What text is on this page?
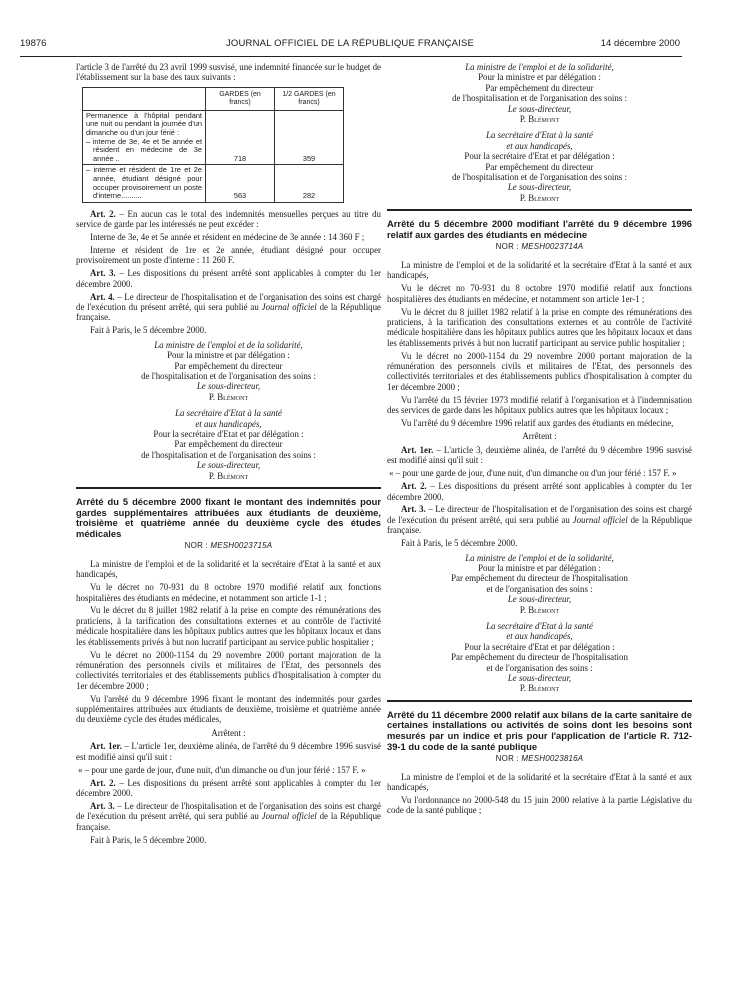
19876	JOURNAL OFFICIEL DE LA RÉPUBLIQUE FRANÇAISE	14 décembre 2000

l'article 3 de l'arrêté du 23 avril 1999 susvisé, une indemnité financée sur le budget de l'établissement sur la base des taux suivants :

	GARDES (en francs)	1/2 GARDES (en francs)
Permanence à l'hôpital pendant une nuit ou pendant la journée d'un dimanche ou d'un jour férié :
– interne de 3e, 4e et 5e année et résident en médecine de 3e année ..	718	359

– interne et résident de 1re et 2e année, étudiant désigné pour occuper provisoirement un poste d'interne..........	563	282

Art. 2. – En aucun cas le total des indemnités mensuelles perçues au titre du service de garde par les intéressés ne peut excéder :

Interne de 3e, 4e et 5e année et résident en médecine de 3e année : 14 360 F ;

Interne et résident de 1re et 2e année, étudiant désigné pour occuper provisoirement un poste d'interne : 11 260 F.

Art. 3. – Les dispositions du présent arrêté sont applicables à compter du 1er décembre 2000.

Art. 4. – Le directeur de l'hospitalisation et de l'organisation des soins est chargé de l'exécution du présent arrêté, qui sera publié au Journal officiel de la République française.

Fait à Paris, le 5 décembre 2000.

La ministre de l'emploi et de la solidarité,

Pour la ministre et par délégation :

Par empêchement du directeur

de l'hospitalisation et de l'organisation des soins :

Le sous-directeur,

P. Blémont

La secrétaire d'Etat à la santé

et aux handicapés,

Pour la secrétaire d'Etat et par délégation :

Par empêchement du directeur

de l'hospitalisation et de l'organisation des soins :

Le sous-directeur,

P. Blémont

Arrêté du 5 décembre 2000 fixant le montant des indemnités pour gardes supplémentaires attribuées aux étudiants de deuxième, troisième et quatrième année du deuxième cycle des études médicales

NOR : MESH0023715A

La ministre de l'emploi et de la solidarité et la secrétaire d'Etat à la santé et aux handicapés,

Vu le décret no 70-931 du 8 octobre 1970 modifié relatif aux fonctions hospitalières des étudiants en médecine, et notamment son article 1-1 ;

Vu le décret du 8 juillet 1982 relatif à la prise en compte des rémunérations des praticiens, à la tarification des consultations externes et au contrôle de l'activité médicale hospitalière dans les hôpitaux publics autres que les hôpitaux locaux et dans les établissements privés à but non lucratif participant au service public hospitalier ;

Vu le décret no 2000-1154 du 29 novembre 2000 portant majoration de la rémunération des personnels civils et militaires de l'Etat, des personnels des collectivités territoriales et des établissements publics d'hospitalisation à compter du 1er décembre 2000 ;

Vu l'arrêté du 9 décembre 1996 fixant le montant des indemnités pour gardes supplémentaires attribuées aux étudiants de deuxième, troisième et quatrième année du deuxième cycle des études médicales,

Arrêtent :

Art. 1er. – L'article 1er, deuxième alinéa, de l'arrêté du 9 décembre 1996 susvisé est modifié ainsi qu'il suit :

« – pour une garde de jour, d'une nuit, d'un dimanche ou d'un jour férié : 157 F. »

Art. 2. – Les dispositions du présent arrêté sont applicables à compter du 1er décembre 2000.

Art. 3. – Le directeur de l'hospitalisation et de l'organisation des soins est chargé de l'exécution du présent arrêté, qui sera publié au Journal officiel de la République française.

Fait à Paris, le 5 décembre 2000.

La ministre de l'emploi et de la solidarité,

Pour la ministre et par délégation :

Par empêchement du directeur

de l'hospitalisation et de l'organisation des soins :

Le sous-directeur,

P. Blémont

La secrétaire d'Etat à la santé

et aux handicapés,

Pour la secrétaire d'Etat et par délégation :

Par empêchement du directeur

de l'hospitalisation et de l'organisation des soins :

Le sous-directeur,

P. Blémont

Arrêté du 5 décembre 2000 modifiant l'arrêté du 9 décembre 1996 relatif aux gardes des étudiants en médecine

NOR : MESH0023714A

La ministre de l'emploi et de la solidarité et la secrétaire d'Etat à la santé et aux handicapés,

Vu le décret no 70-931 du 8 octobre 1970 modifié relatif aux fonctions hospitalières des étudiants en médecine, et notamment son article 1er-1 ;

Vu le décret du 8 juillet 1982 relatif à la prise en compte des rémunérations des praticiens, à la tarification des consultations externes et au contrôle de l'activité médicale hospitalière dans les hôpitaux publics autres que les hôpitaux locaux et dans les établissements privés à but non lucratif participant au service public hospitalier ;

Vu le décret no 2000-1154 du 29 novembre 2000 portant majoration de la rémunération des personnels civils et militaires de l'Etat, des personnels des collectivités territoriales et des établissements publics d'hospitalisation à compter du 1er décembre 2000 ;

Vu l'arrêté du 15 février 1973 modifié relatif à l'organisation et à l'indemnisation des services de garde dans les hôpitaux publics autres que les hôpitaux locaux ;

Vu l'arrêté du 9 décembre 1996 relatif aux gardes des étudiants en médecine,

Arrêtent :

Art. 1er. – L'article 3, deuxième alinéa, de l'arrêté du 9 décembre 1996 susvisé est modifié ainsi qu'il suit :

« – pour une garde de jour, d'une nuit, d'un dimanche ou d'un jour férié : 157 F. »

Art. 2. – Les dispositions du présent arrêté sont applicables à compter du 1er décembre 2000.

Art. 3. – Le directeur de l'hospitalisation et de l'organisation des soins est chargé de l'exécution du présent arrêté, qui sera publié au Journal officiel de la République française.

Fait à Paris, le 5 décembre 2000.

La ministre de l'emploi et de la solidarité,

Pour la ministre et par délégation :

Par empêchement du directeur de l'hospitalisation

et de l'organisation des soins :

Le sous-directeur,

P. Blémont

La secrétaire d'Etat à la santé

et aux handicapés,

Pour la secrétaire d'Etat et par délégation :

Par empêchement du directeur de l'hospitalisation

et de l'organisation des soins :

Le sous-directeur,

P. Blémont

Arrêté du 11 décembre 2000 relatif aux bilans de la carte sanitaire de certaines installations ou activités de soins dont les besoins sont mesurés par un indice et pris pour l'application de l'article R. 712-39-1 du code de la santé publique

NOR : MESH0023816A

La ministre de l'emploi et de la solidarité et la secrétaire d'Etat à la santé et aux handicapés,

Vu l'ordonnance no 2000-548 du 15 juin 2000 relative à la partie Législative du code de la santé publique ;
